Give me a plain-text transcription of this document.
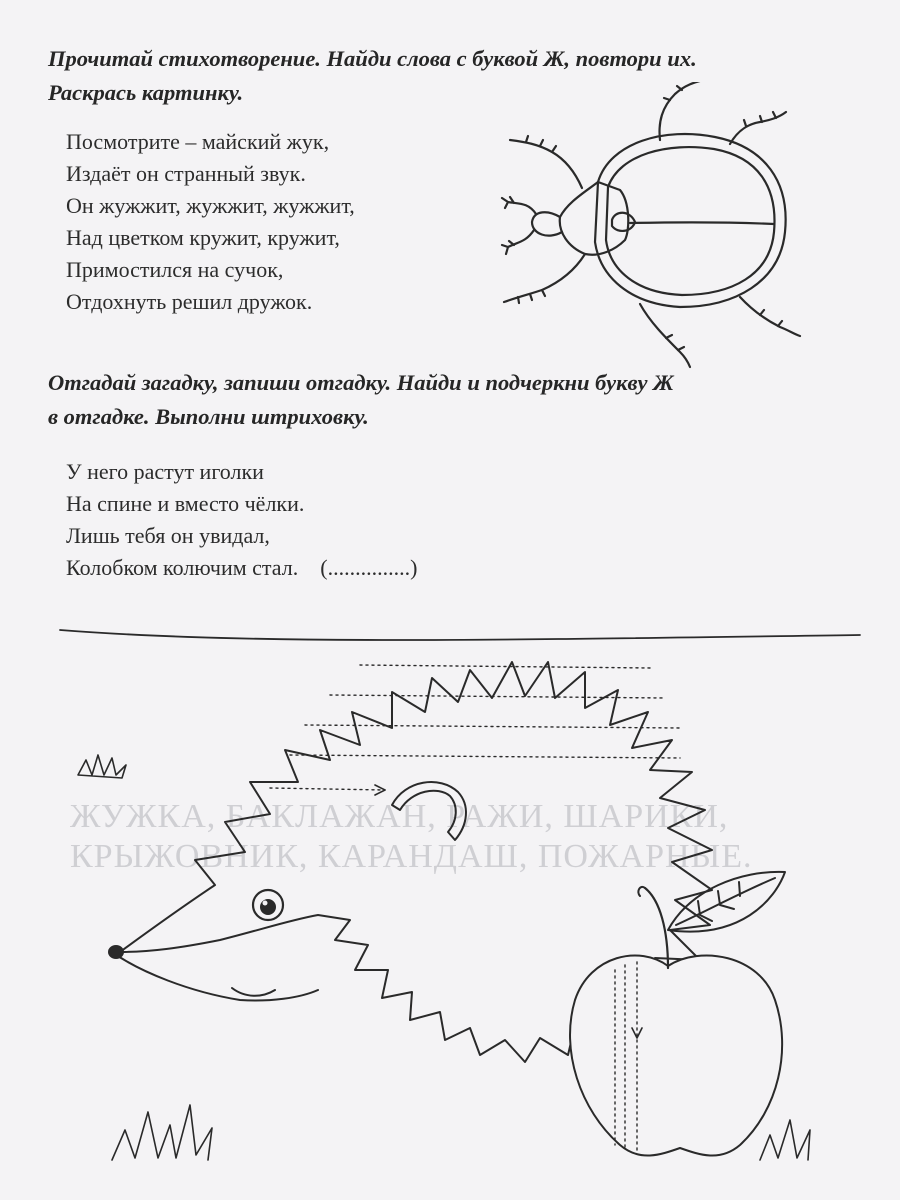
ЖУЖКА, БАКЛАЖАН, РАЖИ, ШАРИКИ,
КРЫЖОВНИК, КАРАНДАШ, ПОЖАРНЫЕ.
Прочитай стихотворение. Найди слова с буквой Ж, повтори их.
Раскрась картинку.
Посмотрите – майский жук,
Издаёт он странный звук.
Он жужжит, жужжит, жужжит,
Над цветком кружит, кружит,
Примостился на сучок,
Отдохнуть решил дружок.
Отгадай загадку, запиши отгадку. Найди и подчеркни букву Ж
в отгадке. Выполни штриховку.
У него растут иголки
На спине и вместо чёлки.
Лишь тебя он увидал,
Колобком колючим стал. (...............)
